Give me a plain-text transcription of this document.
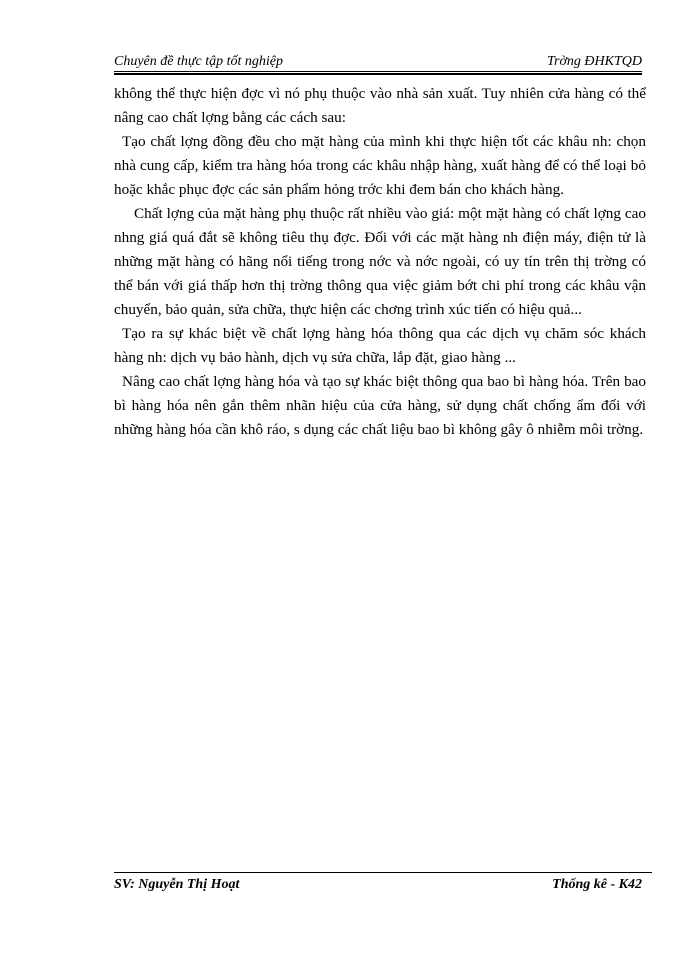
Chuyên đề thực tập tốt nghiệp	Trờng ĐHKTQD

không thể thực hiện đợc vì nó phụ thuộc vào nhà sản xuất. Tuy nhiên cửa hàng có thể nâng cao chất lợng bằng các cách sau:

Tạo chất lợng đồng đều cho mặt hàng của mình khi thực hiện tốt các khâu nh: chọn nhà cung cấp, kiểm tra hàng hóa trong các khâu nhập hàng, xuất hàng để có thể loại bỏ hoặc khắc phục đợc các sản phẩm hỏng trớc khi đem bán cho khách hàng.

Chất lợng của mặt hàng phụ thuộc rất nhiều vào giá: một mặt hàng có chất lợng cao nhng giá quá đắt sẽ không tiêu thụ đợc. Đối với các mặt hàng nh điện máy, điện tử là những mặt hàng có hãng nổi tiếng trong nớc và nớc ngoài, có uy tín trên thị trờng có thể bán với giá thấp hơn thị trờng thông qua việc giảm bớt chi phí trong các khâu vận chuyển, bảo quản, sửa chữa, thực hiện các chơng trình xúc tiến có hiệu quả...

Tạo ra sự khác biệt về chất lợng hàng hóa thông qua các dịch vụ chăm sóc khách hàng nh: dịch vụ bảo hành, dịch vụ sửa chữa, lắp đặt, giao hàng ...

Nâng cao chất lợng hàng hóa và tạo sự khác biệt thông qua bao bì hàng hóa. Trên bao bì hàng hóa nên gắn thêm nhãn hiệu của cửa hàng, sử dụng chất chống ẩm đối với những hàng hóa cần khô ráo, s dụng các chất liệu bao bì không gây ô nhiễm môi trờng.

SV: Nguyễn Thị Hoạt	Thống kê - K42
